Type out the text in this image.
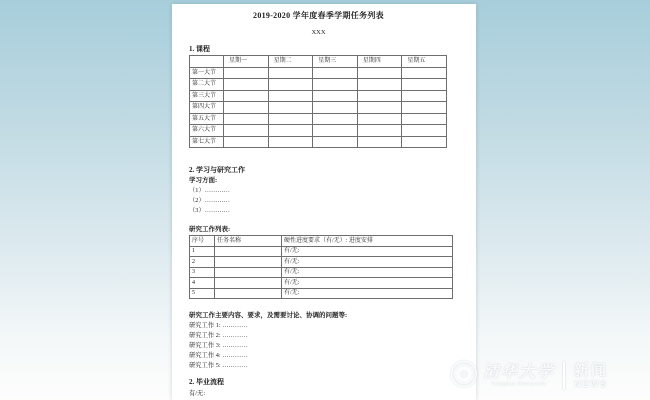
2019-2020 学年度春季学期任务列表
XXX
1. 课程
	星期一	星期二	星期三	星期四	星期五
第一大节					
第二大节					
第三大节					
第四大节					
第五大节					
第六大节					
第七大节					
2. 学习与研究工作
学习方面:
（1）…………
（2）…………
（3）…………
研究工作列表:
序号	任务名称	硬性进度要求（有/无）: 进度安排
1		有/无:
2		有/无:
3		有/无:
4		有/无:
5		有/无:
研究工作主要内容、要求，及需要讨论、协调的问题等:
研究工作 1: …………
研究工作 2: …………
研究工作 3: …………
研究工作 4: …………
研究工作 5: …………
2. 毕业流程
有/无:
清华大学
Tsinghua University
新闻
NEWS
